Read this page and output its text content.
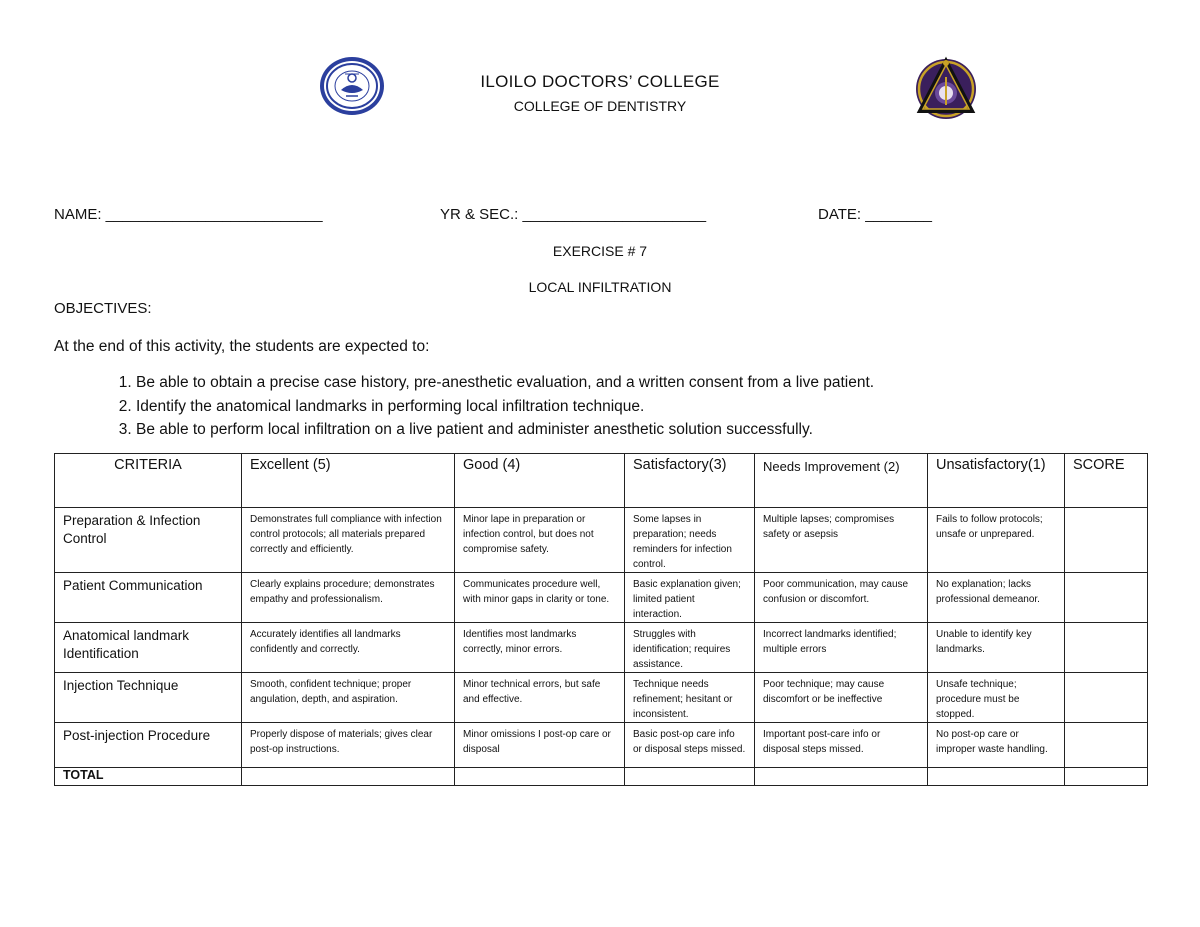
ILOILO DOCTORS’ COLLEGE
COLLEGE OF DENTISTRY
NAME: __________________________	YR & SEC.: ______________________	DATE: ________
EXERCISE # 7
LOCAL INFILTRATION
OBJECTIVES:
At the end of this activity, the students are expected to:
1. Be able to obtain a precise case history, pre-anesthetic evaluation, and a written consent from a live patient.
2. Identify the anatomical landmarks in performing local infiltration technique.
3. Be able to perform local infiltration on a live patient and administer anesthetic solution successfully.
CRITERIA	Excellent (5)	Good (4)	Satisfactory(3)	Needs Improvement (2)	Unsatisfactory(1)	SCORE
Preparation & Infection Control	Demonstrates full compliance with infection control protocols; all materials prepared correctly and efficiently.	Minor lape in preparation or infection control, but does not compromise safety.	Some lapses in preparation; needs reminders for infection control.	Multiple lapses; compromises safety or asepsis	Fails to follow protocols; unsafe or unprepared.	
Patient Communication	Clearly explains procedure; demonstrates empathy and professionalism.	Communicates procedure well, with minor gaps in clarity or tone.	Basic explanation given; limited patient interaction.	Poor communication, may cause confusion or discomfort.	No explanation; lacks professional demeanor.	
Anatomical landmark Identification	Accurately identifies all landmarks confidently and correctly.	Identifies most landmarks correctly, minor errors.	Struggles with identification; requires assistance.	Incorrect landmarks identified; multiple errors	Unable to identify key landmarks.	
Injection Technique	Smooth, confident technique; proper angulation, depth, and aspiration.	Minor technical errors, but safe and effective.	Technique needs refinement; hesitant or inconsistent.	Poor technique; may cause discomfort or be ineffective	Unsafe technique; procedure must be stopped.	
Post-injection Procedure	Properly dispose of materials; gives clear post-op instructions.	Minor omissions I post-op care or disposal	Basic post-op care info or disposal steps missed.	Important post-care info or disposal steps missed.	No post-op care or improper waste handling.	
TOTAL						
